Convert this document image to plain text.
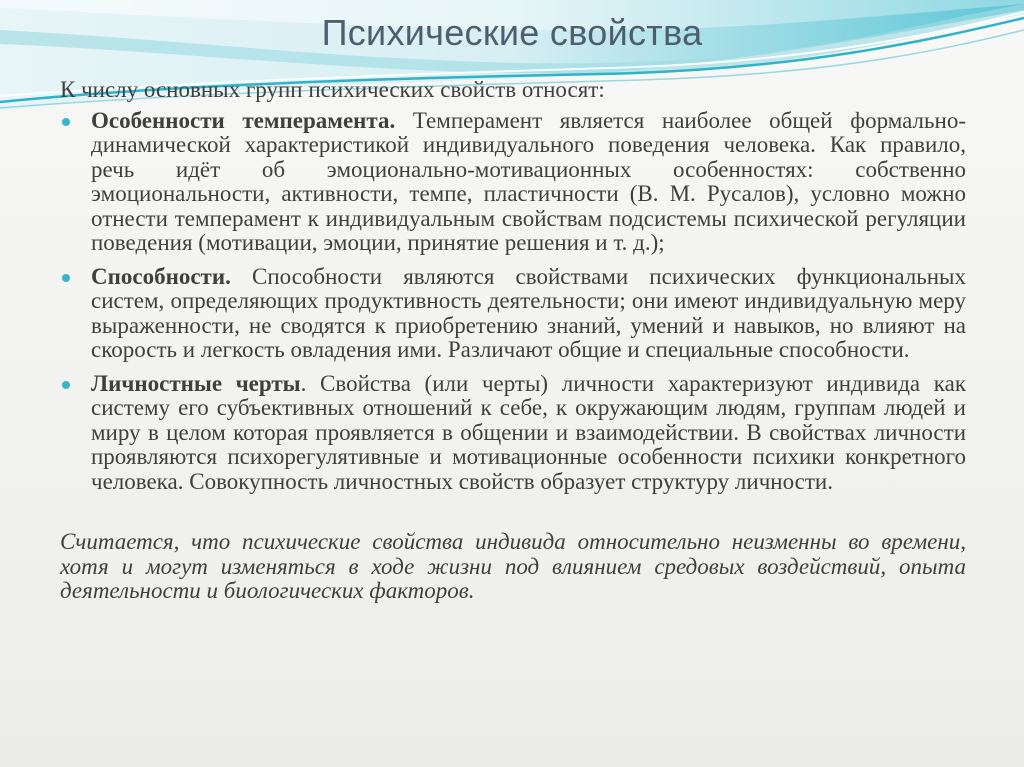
Психические свойства

К числу основных групп психических свойств относят:

Особенности темперамента. Темперамент является наиболее общей формально-динамической характеристикой индивидуального поведения человека. Как правило, речь идёт об эмоционально-мотивационных особенностях: собственно эмоциональности, активности, темпе, пластичности (В. М. Русалов), условно можно отнести темперамент к индивидуальным свойствам подсистемы психической регуляции поведения (мотивации, эмоции, принятие решения и т. д.);
Способности. Способности являются свойствами психических функциональных систем, определяющих продуктивность деятельности; они имеют индивидуальную меру выраженности, не сводятся к приобретению знаний, умений и навыков, но влияют на скорость и легкость овладения ими. Различают общие и специальные способности.
Личностные черты. Свойства (или черты) личности характеризуют индивида как систему его субъективных отношений к себе, к окружающим людям, группам людей и миру в целом которая проявляется в общении и взаимодействии. В свойствах личности проявляются психорегулятивные и мотивационные особенности психики конкретного человека. Совокупность личностных свойств образует структуру личности.

Считается, что психические свойства индивида относительно неизменны во времени, хотя и могут изменяться в ходе жизни под влиянием средовых воздействий, опыта деятельности и биологических факторов.
